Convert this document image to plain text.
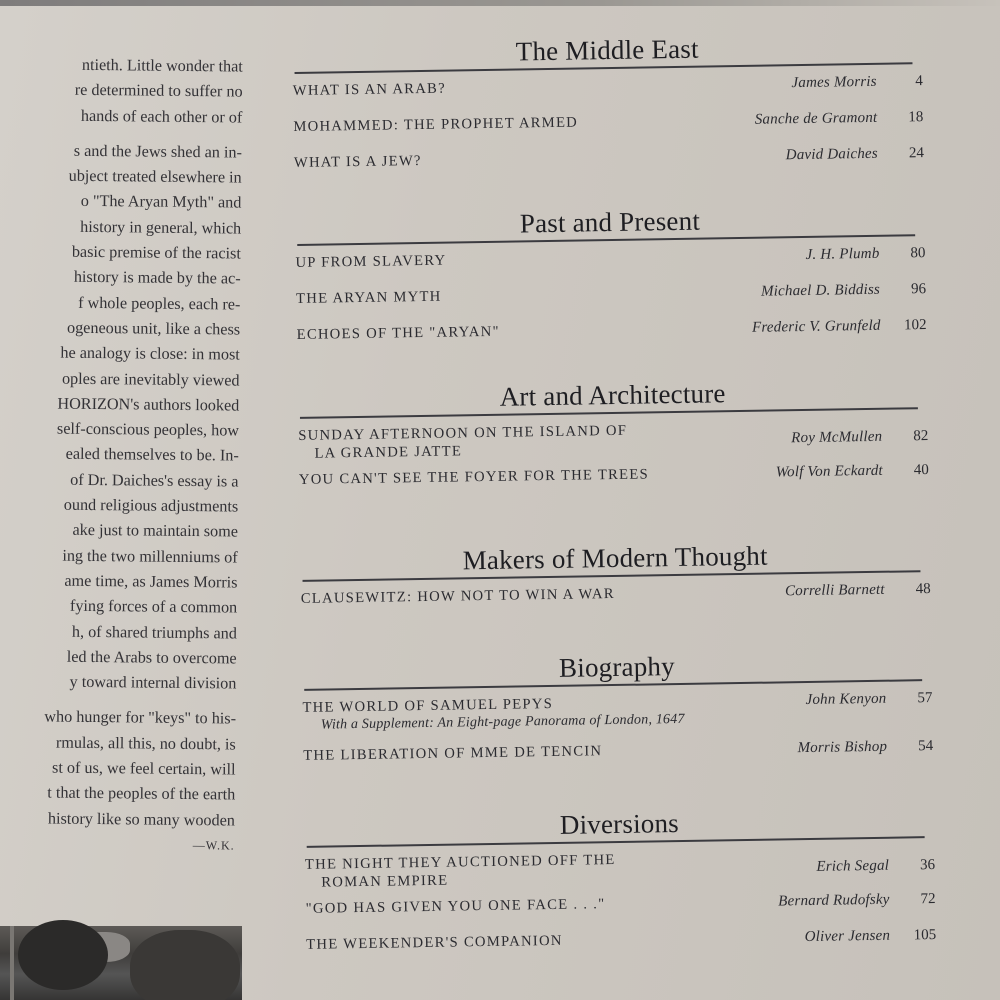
ntieth. Little wonder that
re determined to suffer no
hands of each other or of
s and the Jews shed an in-
ubject treated elsewhere in
o "The Aryan Myth" and
history in general, which
basic premise of the racist
history is made by the ac-
f whole peoples, each re-
ogeneous unit, like a chess
he analogy is close: in most
oples are inevitably viewed
HORIZON's authors looked
self-conscious peoples, how
ealed themselves to be. In-
of Dr. Daiches's essay is a
ound religious adjustments
ake just to maintain some
ing the two millenniums of
ame time, as James Morris
fying forces of a common
h, of shared triumphs and
led the Arabs to overcome
y toward internal division
who hunger for "keys" to his-
rmulas, all this, no doubt, is
st of us, we feel certain, will
t that the peoples of the earth
history like so many wooden
—W.K.
The Middle East
WHAT IS AN ARAB?	James Morris	4
MOHAMMED: THE PROPHET ARMED	Sanche de Gramont	18
WHAT IS A JEW?	David Daiches	24
Past and Present
UP FROM SLAVERY	J. H. Plumb	80
THE ARYAN MYTH	Michael D. Biddiss	96
ECHOES OF THE "ARYAN"	Frederic V. Grunfeld	102
Art and Architecture
SUNDAY AFTERNOON ON THE ISLAND OF
LA GRANDE JATTE
Roy McMullen	82
YOU CAN'T SEE THE FOYER FOR THE TREES	Wolf Von Eckardt	40
Makers of Modern Thought
CLAUSEWITZ: HOW NOT TO WIN A WAR	Correlli Barnett	48
Biography
THE WORLD OF SAMUEL PEPYS
With a Supplement: An Eight-page Panorama of London, 1647
John Kenyon	57
THE LIBERATION OF MME DE TENCIN	Morris Bishop	54
Diversions
THE NIGHT THEY AUCTIONED OFF THE
ROMAN EMPIRE
Erich Segal	36
"GOD HAS GIVEN YOU ONE FACE . . ."	Bernard Rudofsky	72
THE WEEKENDER'S COMPANION	Oliver Jensen	105
